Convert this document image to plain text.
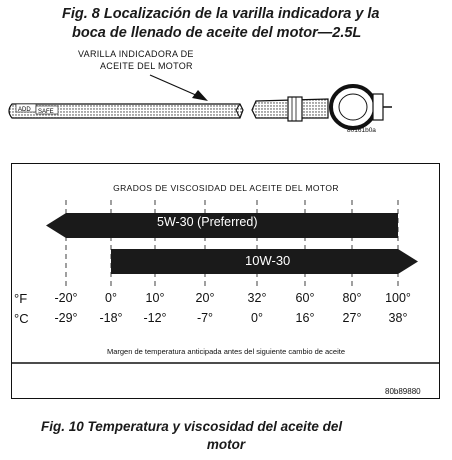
Fig. 8 Localización de la varilla indicadora y la
boca de llenado de aceite del motor—2.5L
ADD SAFE
VARILLA INDICADORA DE
ACEITE DEL MOTOR
80161b0a
GRADOS DE VISCOSIDAD DEL ACEITE DEL MOTOR
5W-30 (Preferred)
10W-30
°F
°C
-20°
-29°
0°
-18°
10°
-12°
20°
-7°
32°
0°
60°
16°
80°
27°
100°
38°
Margen de temperatura anticipada antes del siguiente cambio de aceite
80b89880
Fig. 10 Temperatura y viscosidad del aceite del
motor
